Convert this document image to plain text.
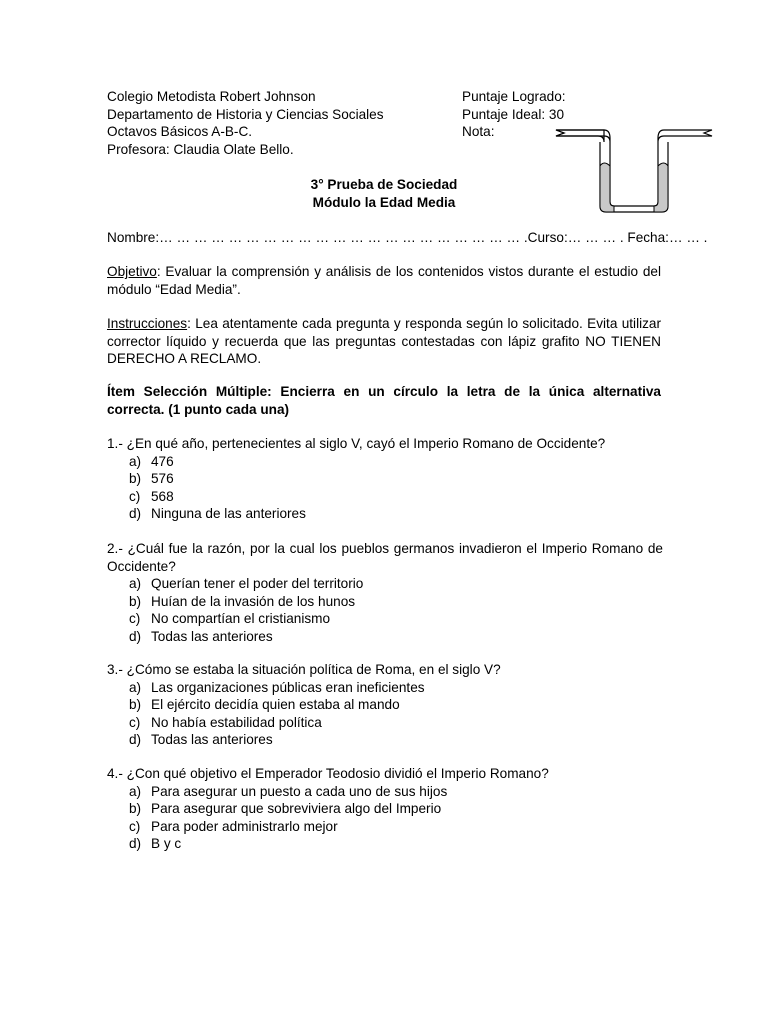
Colegio Metodista Robert Johnson
Departamento de Historia y Ciencias Sociales
Octavos Básicos A-B-C.
Profesora: Claudia Olate Bello.
Puntaje Logrado:
Puntaje Ideal: 30
Nota:
3° Prueba de Sociedad
Módulo la Edad Media
Nombre:… … … … … … … … … … … … … … … … … … … … … .Curso:… … … . Fecha:… … .
Objetivo: Evaluar la comprensión y análisis de los contenidos vistos durante el estudio del módulo “Edad Media”.
Instrucciones: Lea atentamente cada pregunta y responda según lo solicitado. Evita utilizar corrector líquido y recuerda que las preguntas contestadas con lápiz grafito NO TIENEN DERECHO A RECLAMO.
Ítem Selección Múltiple: Encierra en un círculo la letra de la única alternativa correcta. (1 punto cada una)
1.- ¿En qué año, pertenecientes al siglo V, cayó el Imperio Romano de Occidente?
a) 476
b) 576
c) 568
d) Ninguna de las anteriores
2.- ¿Cuál fue la razón, por la cual los pueblos germanos invadieron el Imperio Romano de Occidente?
a) Querían tener el poder del territorio
b) Huían de la invasión de los hunos
c) No compartían el cristianismo
d) Todas las anteriores
3.- ¿Cómo se estaba la situación política de Roma, en el siglo V?
a) Las organizaciones públicas eran ineficientes
b) El ejército decidía quien estaba al mando
c) No había estabilidad política
d) Todas las anteriores
4.- ¿Con qué objetivo el Emperador Teodosio dividió el Imperio Romano?
a) Para asegurar un puesto a cada uno de sus hijos
b) Para asegurar que sobreviviera algo del Imperio
c) Para poder administrarlo mejor
d) B y c
